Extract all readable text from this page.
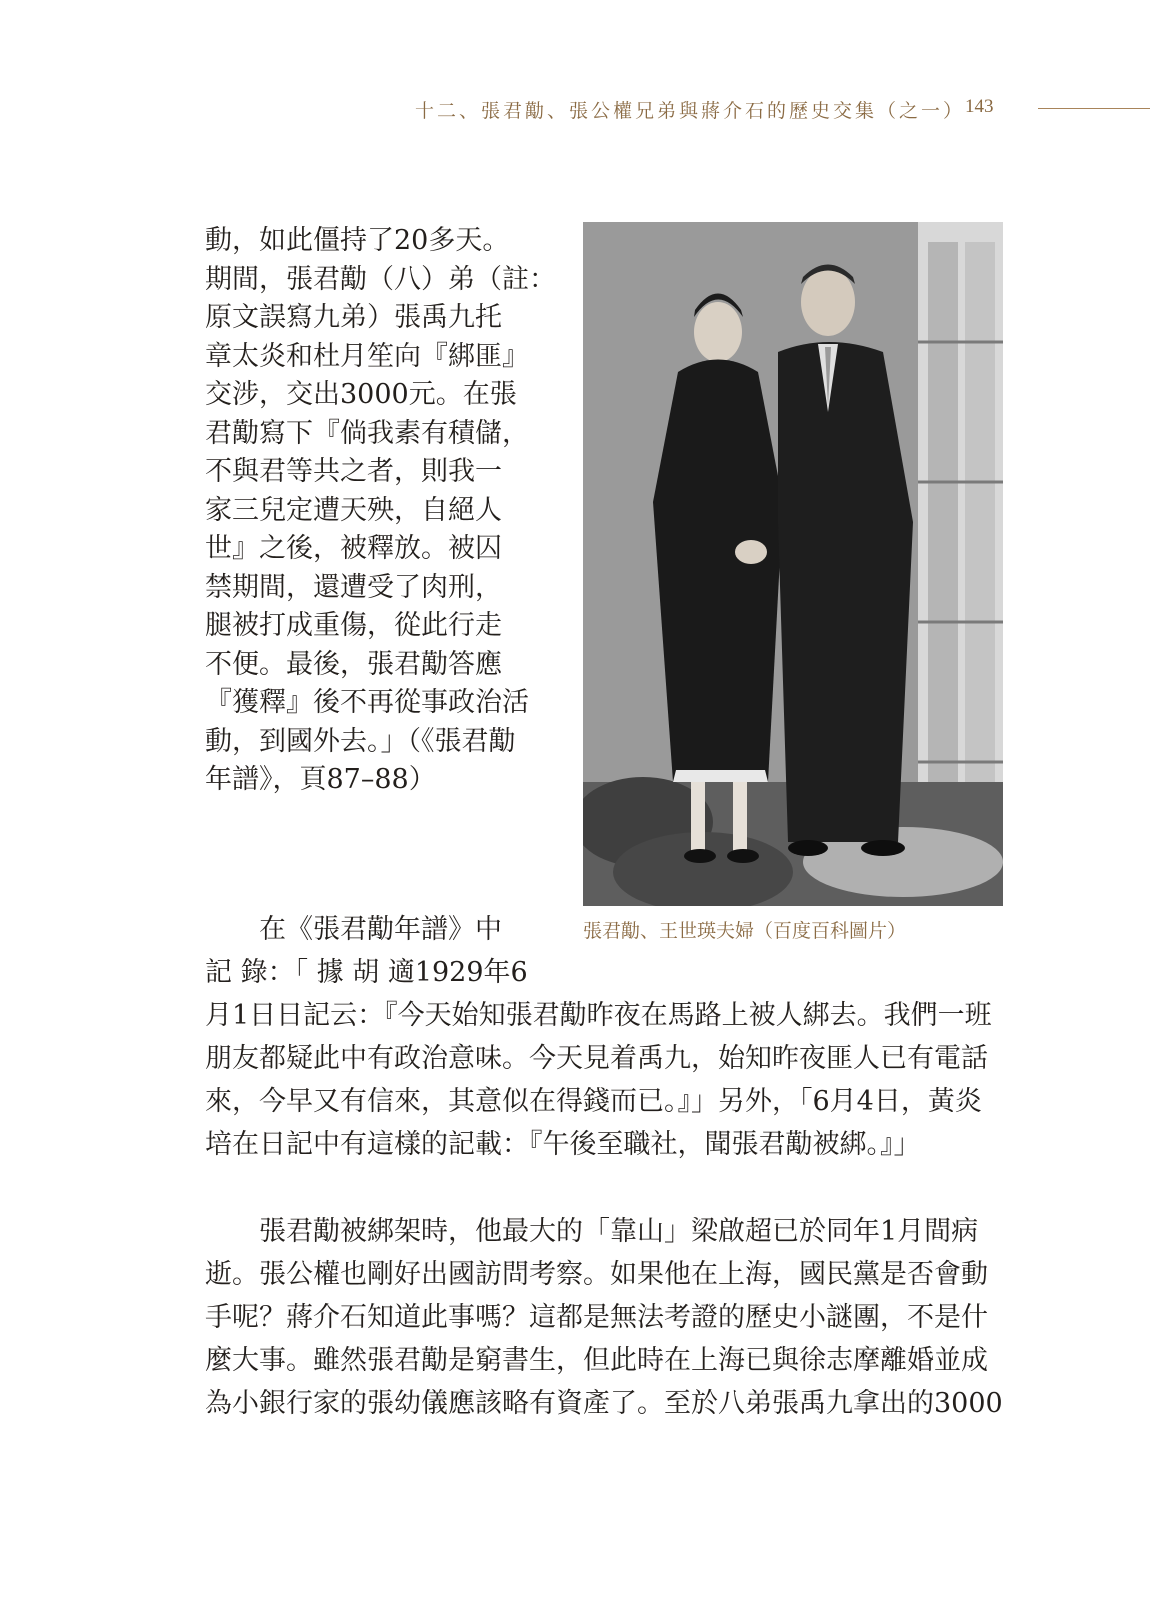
十二、張君勱、張公權兄弟與蔣介石的歷史交集（之一） 143
動，如此僵持了20多天。
期間，張君勱（八）弟（註：
原文誤寫九弟）張禹九托
章太炎和杜月笙向『綁匪』
交涉，交出3000元。在張
君勱寫下『倘我素有積儲，
不與君等共之者，則我一
家三兒定遭天殃，自絕人
世』之後，被釋放。被囚
禁期間，還遭受了肉刑，
腿被打成重傷，從此行走
不便。最後，張君勱答應
『獲釋』後不再從事政治活
動，到國外去。」（《張君勱
年譜》，頁87–88）
張君勱、王世瑛夫婦（百度百科圖片）
在《張君勱年譜》中
記 錄：「 據 胡 適1929年6
月1日日記云：『今天始知張君勱昨夜在馬路上被人綁去。我們一班
朋友都疑此中有政治意味。今天見着禹九，始知昨夜匪人已有電話
來，今早又有信來，其意似在得錢而已。』」另外，「6月4日，黃炎
培在日記中有這樣的記載：『午後至職社，聞張君勱被綁。』」
張君勱被綁架時，他最大的「靠山」梁啟超已於同年1月間病
逝。張公權也剛好出國訪問考察。如果他在上海，國民黨是否會動
手呢？蔣介石知道此事嗎？這都是無法考證的歷史小謎團，不是什
麼大事。雖然張君勱是窮書生，但此時在上海已與徐志摩離婚並成
為小銀行家的張幼儀應該略有資產了。至於八弟張禹九拿出的3000
